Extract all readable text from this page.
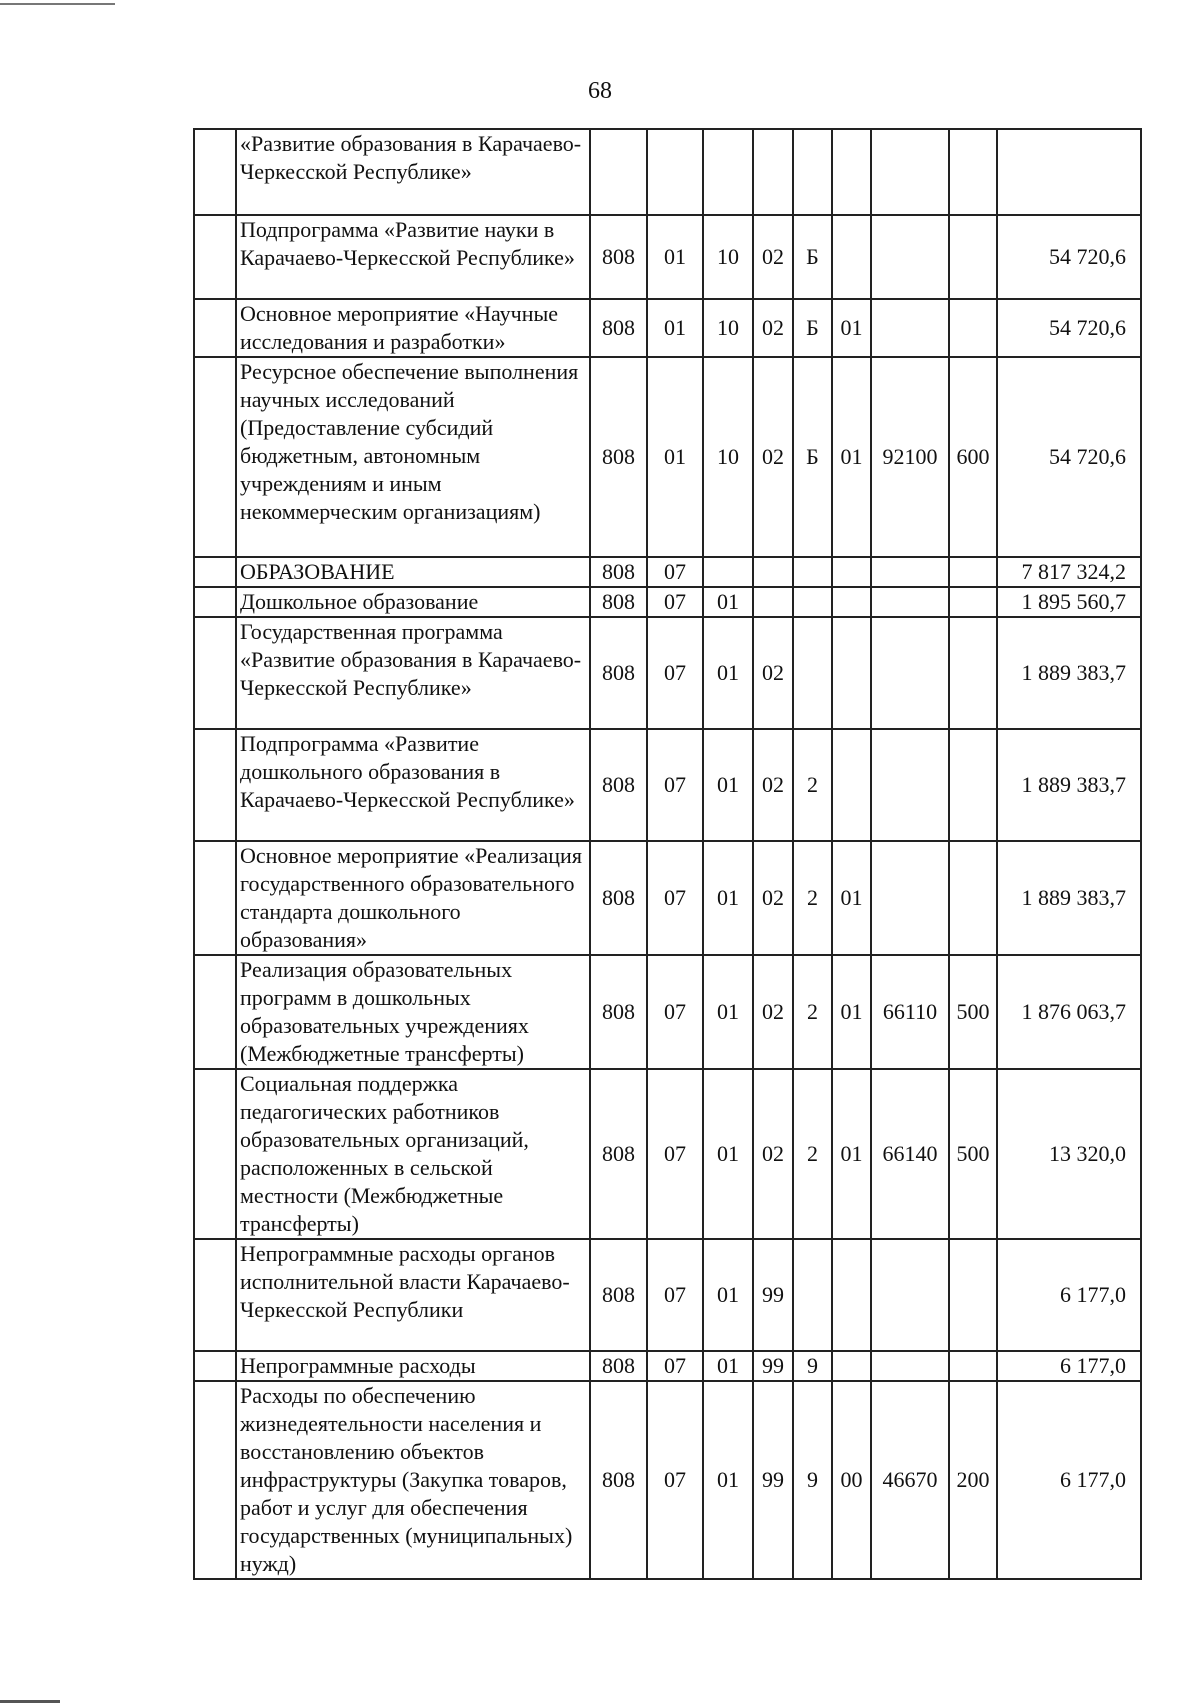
68
	«Развитие образования в Карачаево-Черкесской Республике»									
	Подпрограмма «Развитие науки в Карачаево-Черкесской Республике»	808	01	10	02	Б				54 720,6
	Основное мероприятие «Научные исследования и разработки»	808	01	10	02	Б	01			54 720,6
	Ресурсное обеспечение выполнения научных исследований (Предоставление субсидий бюджетным, автономным учреждениям и иным некоммерческим организациям)	808	01	10	02	Б	01	92100	600	54 720,6
	ОБРАЗОВАНИЕ	808	07							7 817 324,2
	Дошкольное образование	808	07	01						1 895 560,7
	Государственная программа «Развитие образования в Карачаево-Черкесской Республике»	808	07	01	02					1 889 383,7
	Подпрограмма «Развитие дошкольного образования в Карачаево-Черкесской Республике»	808	07	01	02	2				1 889 383,7
	Основное мероприятие «Реализация государственного образовательного стандарта дошкольного образования»	808	07	01	02	2	01			1 889 383,7
	Реализация образовательных программ в дошкольных образовательных учреждениях (Межбюджетные трансферты)	808	07	01	02	2	01	66110	500	1 876 063,7
	Социальная поддержка педагогических работников образовательных организаций, расположенных в сельской местности (Межбюджетные трансферты)	808	07	01	02	2	01	66140	500	13 320,0
	Непрограммные расходы органов исполнительной власти Карачаево-Черкесской Республики	808	07	01	99					6 177,0
	Непрограммные расходы	808	07	01	99	9				6 177,0
	Расходы по обеспечению жизнедеятельности населения и восстановлению объектов инфраструктуры (Закупка товаров, работ и услуг для обеспечения государственных (муниципальных) нужд)	808	07	01	99	9	00	46670	200	6 177,0
